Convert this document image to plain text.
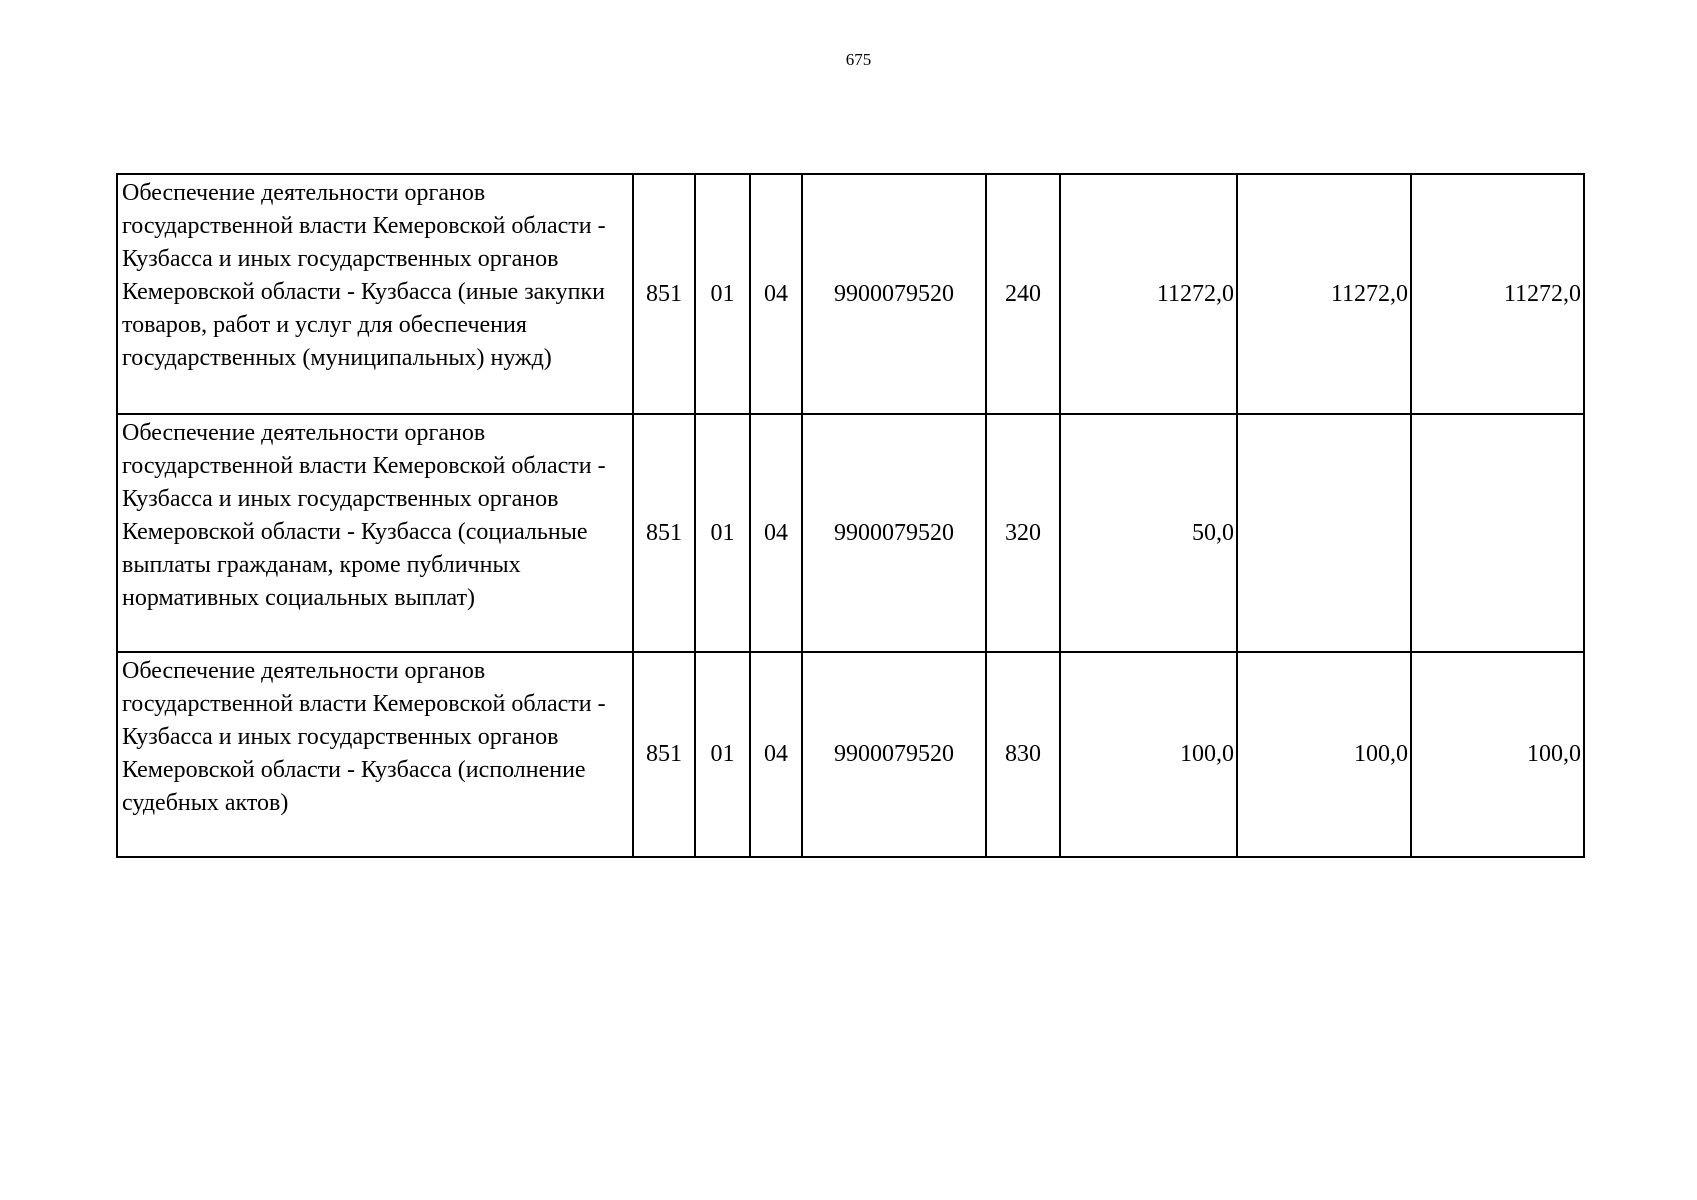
675
Обеспечение деятельности органов государственной власти Кемеровской области - Кузбасса и иных государственных органов Кемеровской области - Кузбасса (иные закупки товаров, работ и услуг для обеспечения государственных (муниципальных) нужд)	851	01	04	9900079520	240	11272,0	11272,0	11272,0
Обеспечение деятельности органов государственной власти Кемеровской области - Кузбасса и иных государственных органов Кемеровской области - Кузбасса (социальные выплаты гражданам, кроме публичных нормативных социальных выплат)	851	01	04	9900079520	320	50,0		
Обеспечение деятельности органов государственной власти Кемеровской области - Кузбасса и иных государственных органов Кемеровской области - Кузбасса (исполнение судебных актов)	851	01	04	9900079520	830	100,0	100,0	100,0
